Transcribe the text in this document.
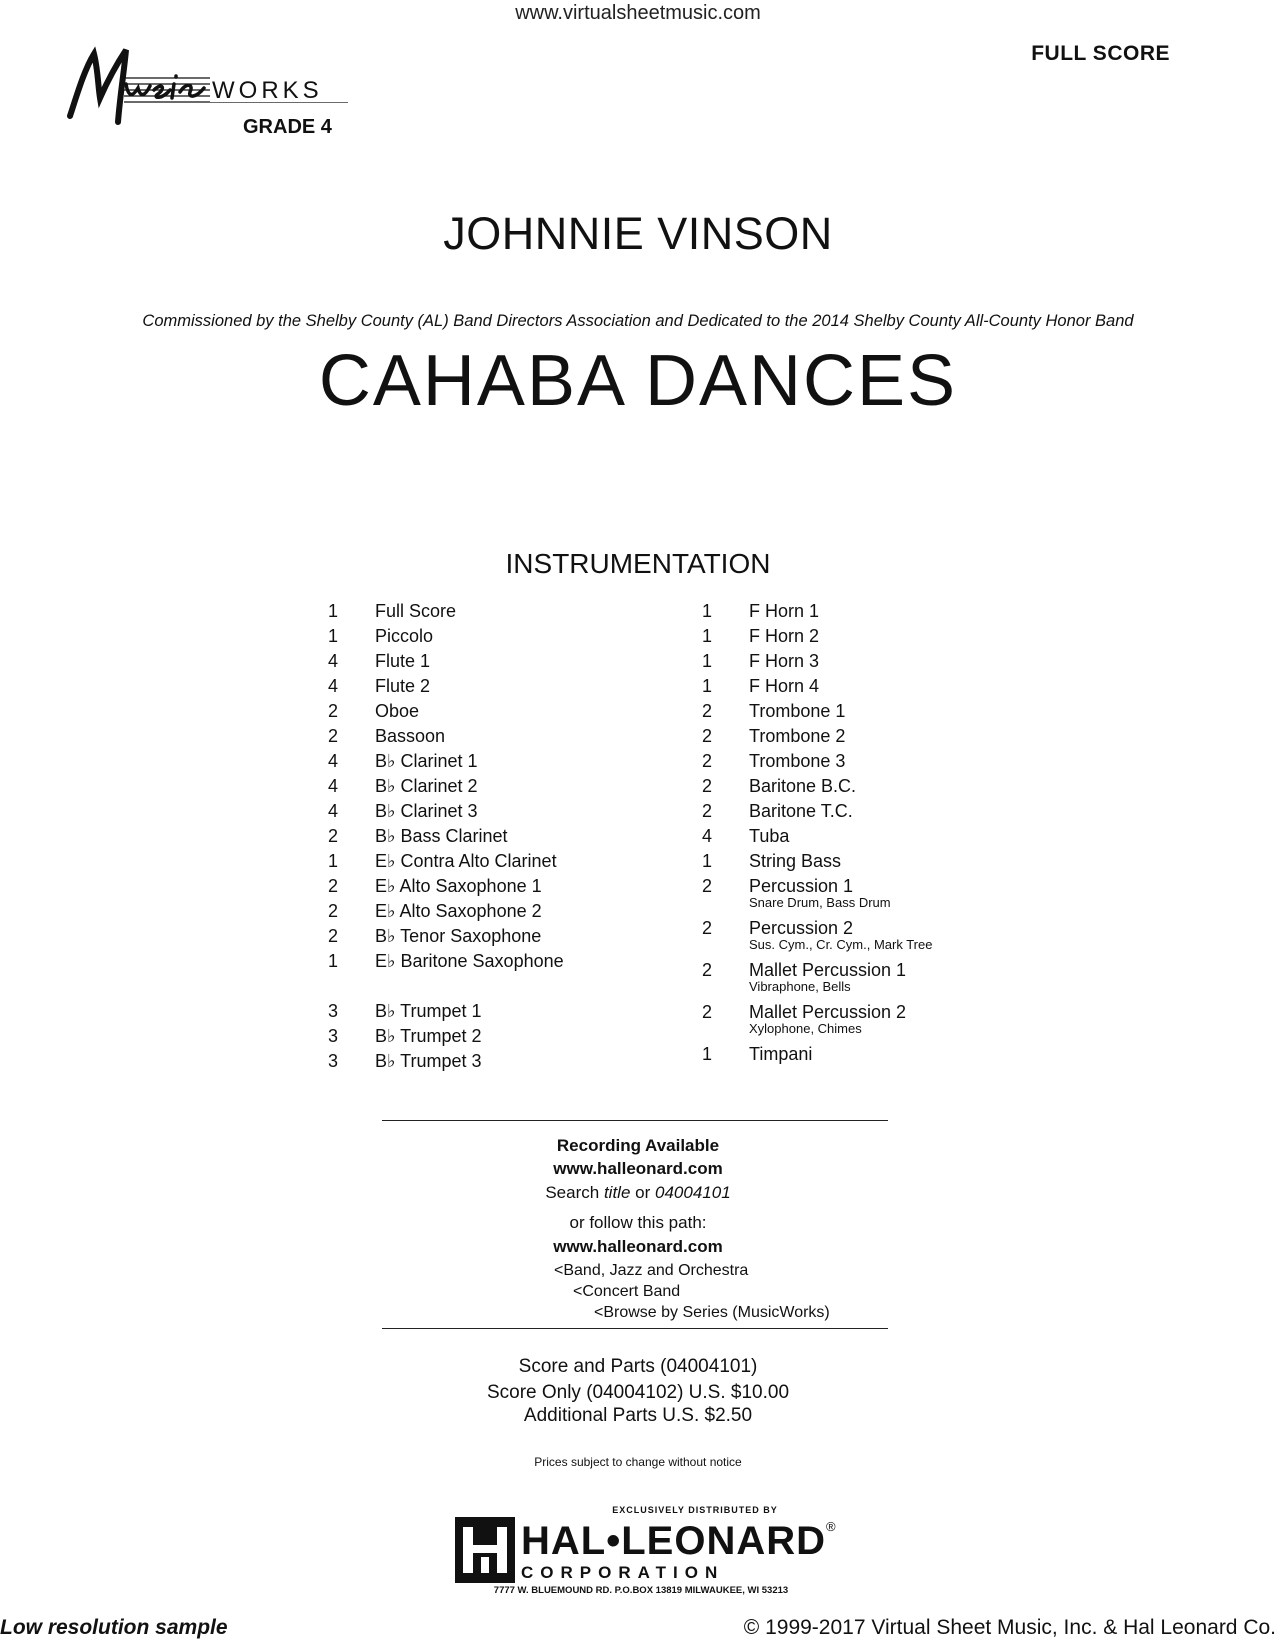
www.virtualsheetmusic.com
FULL SCORE
WORKS
GRADE 4
JOHNNIE VINSON
Commissioned by the Shelby County (AL) Band Directors Association and Dedicated to the 2014 Shelby County All-County Honor Band
CAHABA DANCES
INSTRUMENTATION
1 Full Score
1 Piccolo
4 Flute 1
4 Flute 2
2 Oboe
2 Bassoon
4 B♭ Clarinet 1
4 B♭ Clarinet 2
4 B♭ Clarinet 3
2 B♭ Bass Clarinet
1 E♭ Contra Alto Clarinet
2 E♭ Alto Saxophone 1
2 E♭ Alto Saxophone 2
2 B♭ Tenor Saxophone
1 E♭ Baritone Saxophone
3 B♭ Trumpet 1
3 B♭ Trumpet 2
3 B♭ Trumpet 3
1 F Horn 1
1 F Horn 2
1 F Horn 3
1 F Horn 4
2 Trombone 1
2 Trombone 2
2 Trombone 3
2 Baritone B.C.
2 Baritone T.C.
4 Tuba
1 String Bass
2 Percussion 1
Snare Drum, Bass Drum
2 Percussion 2
Sus. Cym., Cr. Cym., Mark Tree
2 Mallet Percussion 1
Vibraphone, Bells
2 Mallet Percussion 2
Xylophone, Chimes
1 Timpani
Recording Available
www.halleonard.com
Search title or 04004101
or follow this path:
www.halleonard.com
<Band, Jazz and Orchestra
<Concert Band
<Browse by Series (MusicWorks)
Score and Parts (04004101)
Score Only (04004102) U.S. $10.00
Additional Parts U.S. $2.50
Prices subject to change without notice
EXCLUSIVELY DISTRIBUTED BY
HAL•LEONARD®
CORPORATION
7777 W. BLUEMOUND RD. P.O.BOX 13819 MILWAUKEE, WI 53213
Low resolution sample	© 1999-2017 Virtual Sheet Music, Inc. & Hal Leonard Co.
